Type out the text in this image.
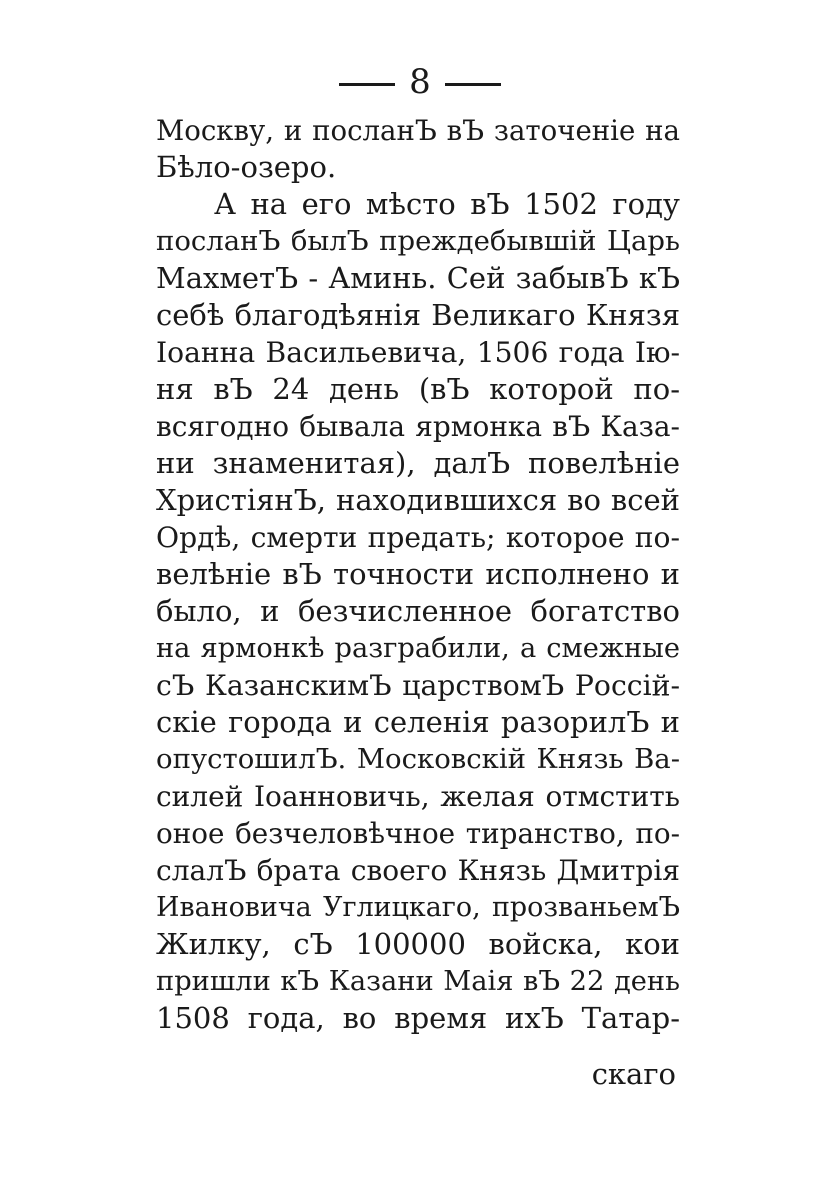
8
Москву, и посланЪ вЪ заточеніе на
Бѣло-озеро.
А на его мѣсто вЪ 1502 году
посланЪ былЪ преждебывшій Царь
МахметЪ - Аминь. Сей забывЪ кЪ
себѣ благодѣянія Великаго Князя
Іоанна Васильевича, 1506 года Ію-
ня вЪ 24 день (вЪ которой по-
всягодно бывала ярмонка вЪ Каза-
ни знаменитая), далЪ повелѣніе
ХристіянЪ, находившихся во всей
Ордѣ, смерти предать; которое по-
велѣніе вЪ точности исполнено и
было, и безчисленное богатство
на ярмонкѣ разграбили, а смежные
сЪ КазанскимЪ царствомЪ Россій-
скіе города и селенія разорилЪ и
опустошилЪ. Московскій Князь Ва-
силей Іоанновичь, желая отмстить
оное безчеловѣчное тиранство, по-
слалЪ брата своего Князь Дмитрія
Ивановича Углицкаго, прозваньемЪ
Жилку, сЪ 100000 войска, кои
пришли кЪ Казани Маія вЪ 22 день
1508 года, во время ихЪ Татар-
скаго
